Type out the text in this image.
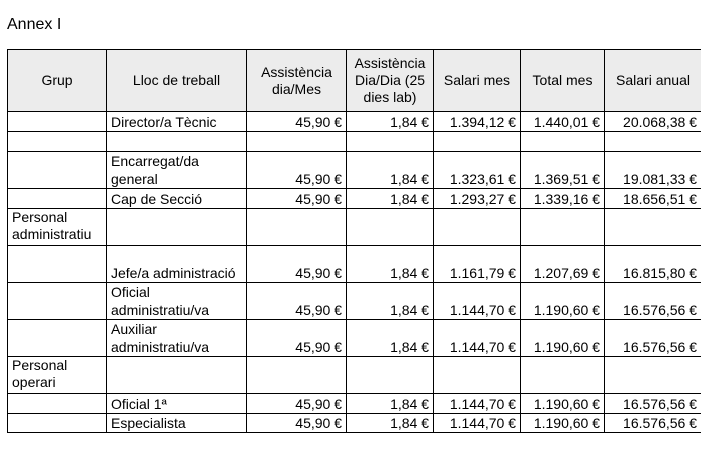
Annex I
Grup	Lloc de treball	Assistència dia/Mes	Assistència Dia/Dia (25 dies lab)	Salari mes	Total mes	Salari anual
	Director/a Tècnic	45,90 €	1,84 €	1.394,12 €	1.440,01 €	20.068,38 €

	Encarregat/da general	45,90 €	1,84 €	1.323,61 €	1.369,51 €	19.081,33 €
	Cap de Secció	45,90 €	1,84 €	1.293,27 €	1.339,16 €	18.656,51 €
Personal administratiu						
	Jefe/a administració	45,90 €	1,84 €	1.161,79 €	1.207,69 €	16.815,80 €
	Oficial administratiu/va	45,90 €	1,84 €	1.144,70 €	1.190,60 €	16.576,56 €
	Auxiliar administratiu/va	45,90 €	1,84 €	1.144,70 €	1.190,60 €	16.576,56 €
Personal operari						
	Oficial 1ª	45,90 €	1,84 €	1.144,70 €	1.190,60 €	16.576,56 €
	Especialista	45,90 €	1,84 €	1.144,70 €	1.190,60 €	16.576,56 €
